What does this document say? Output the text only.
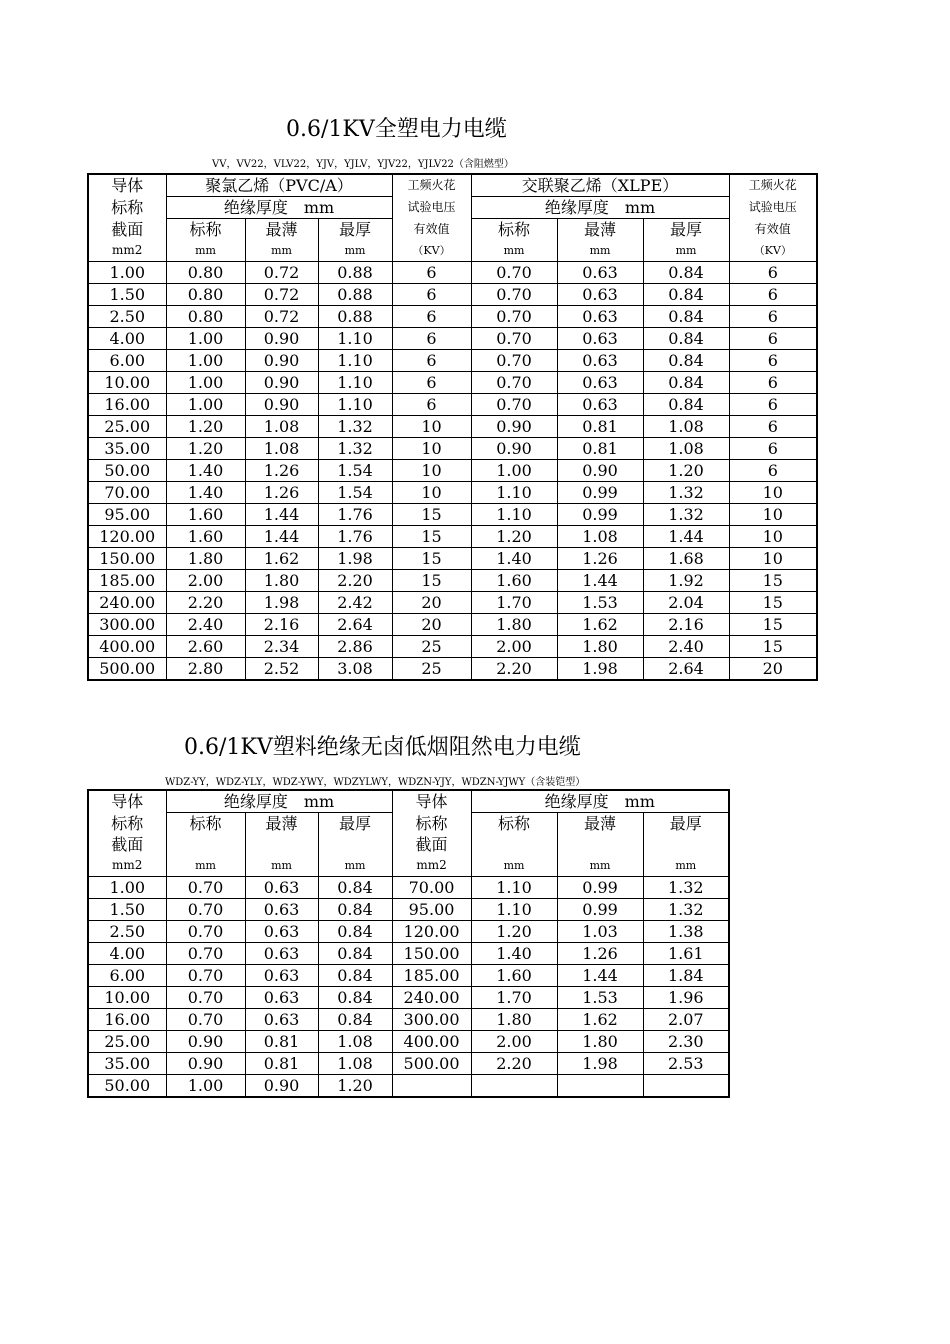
0.6/1KV全塑电力电缆
VV，VV22，VLV22，YJV，YJLV，YJV22，YJLV22（含阻燃型）
导体	聚氯乙烯（PVC/A）			工频火花	交联聚乙烯（XLPE）			工频火花
标称	绝缘厚度　mm			试验电压	绝缘厚度　mm			试验电压
截面	标称	最薄	最厚	有效值	标称	最薄	最厚	有效值
mm2	mm	mm	mm	（KV）	mm	mm	mm	（KV）
1.00	0.80	0.72	0.88	6	0.70	0.63	0.84	6
1.50	0.80	0.72	0.88	6	0.70	0.63	0.84	6
2.50	0.80	0.72	0.88	6	0.70	0.63	0.84	6
4.00	1.00	0.90	1.10	6	0.70	0.63	0.84	6
6.00	1.00	0.90	1.10	6	0.70	0.63	0.84	6
10.00	1.00	0.90	1.10	6	0.70	0.63	0.84	6
16.00	1.00	0.90	1.10	6	0.70	0.63	0.84	6
25.00	1.20	1.08	1.32	10	0.90	0.81	1.08	6
35.00	1.20	1.08	1.32	10	0.90	0.81	1.08	6
50.00	1.40	1.26	1.54	10	1.00	0.90	1.20	6
70.00	1.40	1.26	1.54	10	1.10	0.99	1.32	10
95.00	1.60	1.44	1.76	15	1.10	0.99	1.32	10
120.00	1.60	1.44	1.76	15	1.20	1.08	1.44	10
150.00	1.80	1.62	1.98	15	1.40	1.26	1.68	10
185.00	2.00	1.80	2.20	15	1.60	1.44	1.92	15
240.00	2.20	1.98	2.42	20	1.70	1.53	2.04	15
300.00	2.40	2.16	2.64	20	1.80	1.62	2.16	15
400.00	2.60	2.34	2.86	25	2.00	1.80	2.40	15
500.00	2.80	2.52	3.08	25	2.20	1.98	2.64	20
0.6/1KV塑料绝缘无卤低烟阻然电力电缆
WDZ-YY，WDZ-YLY，WDZ-YWY，WDZYLWY，WDZN-YJY，WDZN-YJWY（含装铠型）
导体	绝缘厚度　mm			导体	绝缘厚度　mm		
标称	标称	最薄	最厚	标称	标称	最薄	最厚
截面				截面			
mm2	mm	mm	mm	mm2	mm	mm	mm
1.00	0.70	0.63	0.84	70.00	1.10	0.99	1.32
1.50	0.70	0.63	0.84	95.00	1.10	0.99	1.32
2.50	0.70	0.63	0.84	120.00	1.20	1.03	1.38
4.00	0.70	0.63	0.84	150.00	1.40	1.26	1.61
6.00	0.70	0.63	0.84	185.00	1.60	1.44	1.84
10.00	0.70	0.63	0.84	240.00	1.70	1.53	1.96
16.00	0.70	0.63	0.84	300.00	1.80	1.62	2.07
25.00	0.90	0.81	1.08	400.00	2.00	1.80	2.30
35.00	0.90	0.81	1.08	500.00	2.20	1.98	2.53
50.00	1.00	0.90	1.20				
